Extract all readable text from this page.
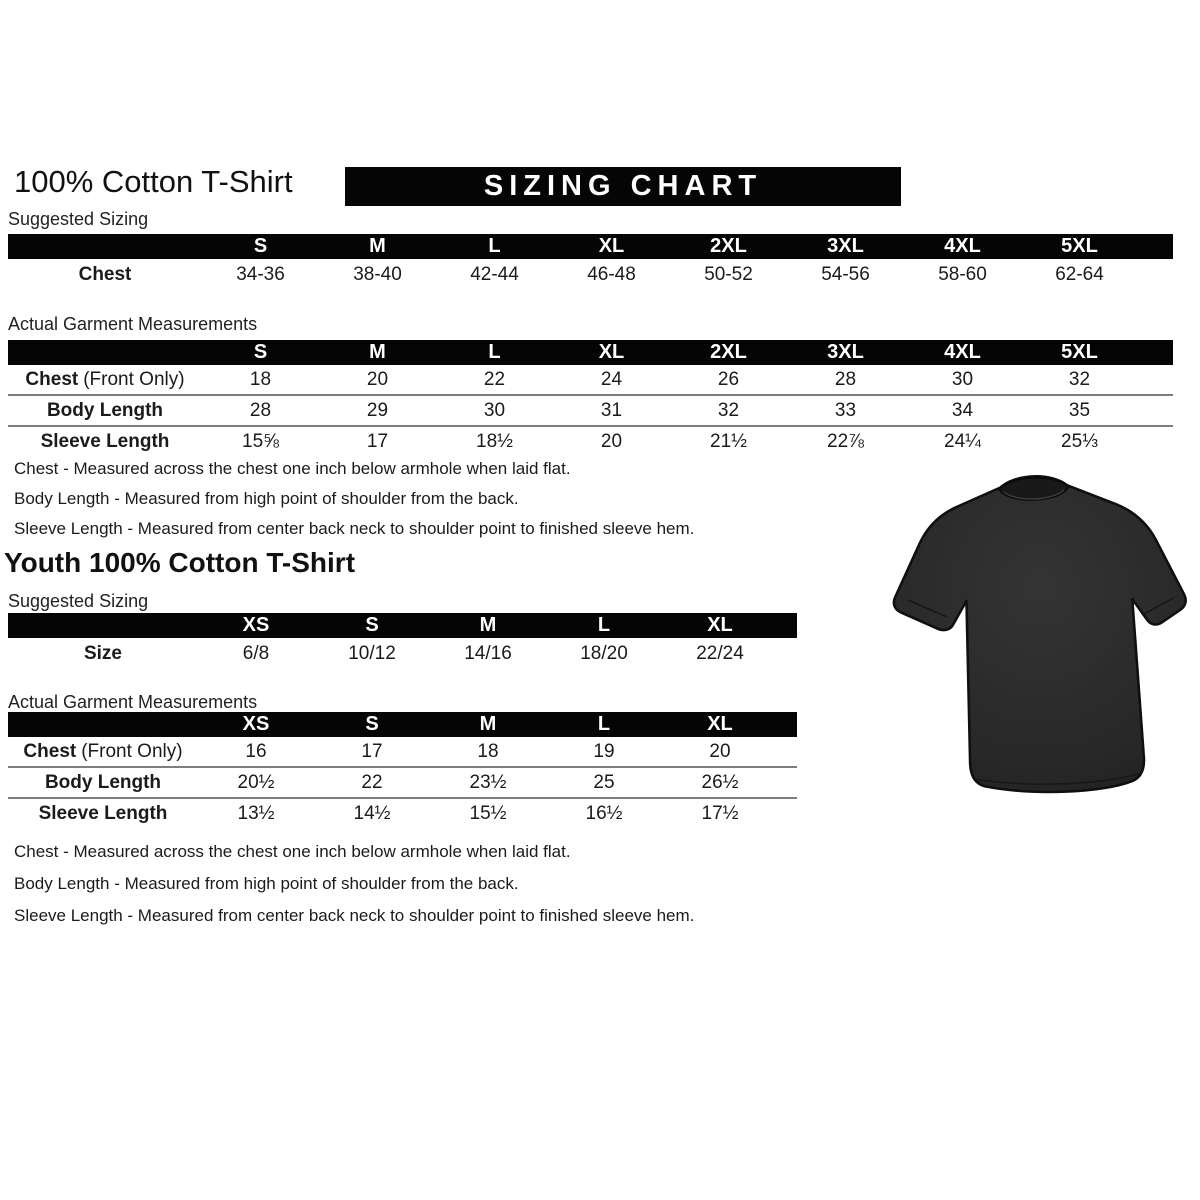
100% Cotton T-Shirt	SIZING CHART
Suggested Sizing
	S	M	L	XL	2XL	3XL	4XL	5XL	
Chest	34-36	38-40	42-44	46-48	50-52	54-56	58-60	62-64	
Actual Garment Measurements
	S	M	L	XL	2XL	3XL	4XL	5XL	
Chest (Front Only)	18	20	22	24	26	28	30	32	
Body Length	28	29	30	31	32	33	34	35	
Sleeve Length	15⅝	17	18½	20	21½	22⅞	24¼	25⅓	
Chest - Measured across the chest one inch below armhole when laid flat.
Body Length - Measured from high point of shoulder from the back.
Sleeve Length - Measured from center back neck to shoulder point to finished sleeve hem.
Youth 100% Cotton T-Shirt
Suggested Sizing
	XS	S	M	L	XL	
Size	6/8	10/12	14/16	18/20	22/24	
Actual Garment Measurements
	XS	S	M	L	XL	
Chest (Front Only)	16	17	18	19	20	
Body Length	20½	22	23½	25	26½	
Sleeve Length	13½	14½	15½	16½	17½	
Chest - Measured across the chest one inch below armhole when laid flat.
Body Length - Measured from high point of shoulder from the back.
Sleeve Length - Measured from center back neck to shoulder point to finished sleeve hem.
